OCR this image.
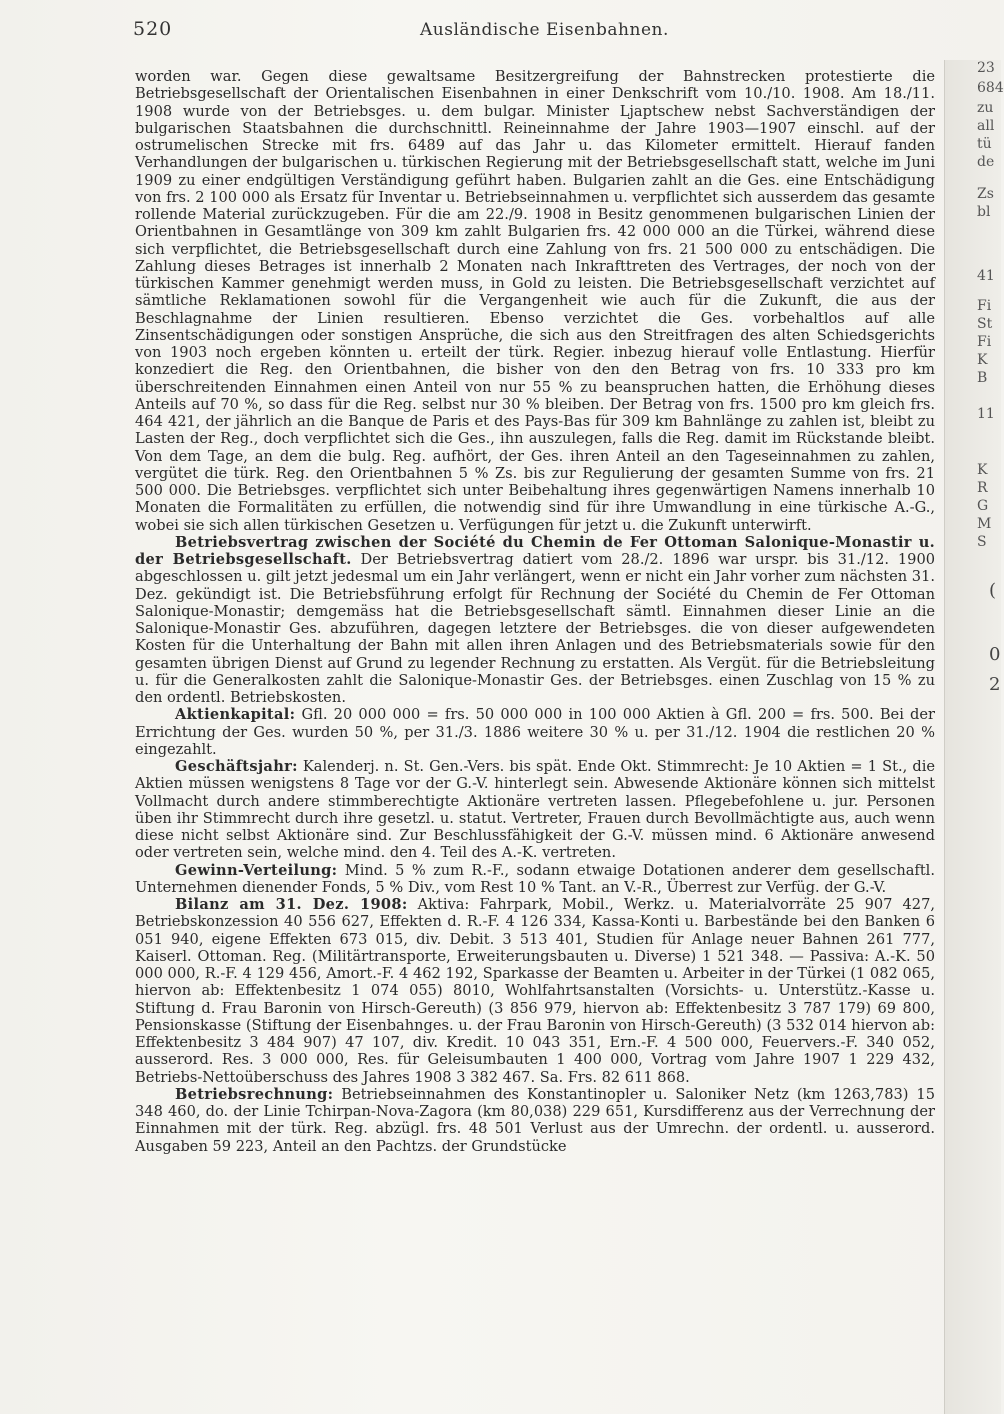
520	Ausländische Eisenbahnen.

worden war. Gegen diese gewaltsame Besitzergreifung der Bahnstrecken protestierte die Betriebsgesellschaft der Orientalischen Eisenbahnen in einer Denkschrift vom 10./10. 1908. Am 18./11. 1908 wurde von der Betriebsges. u. dem bulgar. Minister Ljaptschew nebst Sachverständigen der bulgarischen Staatsbahnen die durchschnittl. Reineinnahme der Jahre 1903—1907 einschl. auf der ostrumelischen Strecke mit frs. 6489 auf das Jahr u. das Kilometer ermittelt. Hierauf fanden Verhandlungen der bulgarischen u. türkischen Regierung mit der Betriebsgesellschaft statt, welche im Juni 1909 zu einer endgültigen Verständigung geführt haben. Bulgarien zahlt an die Ges. eine Entschädigung von frs. 2 100 000 als Ersatz für Inventar u. Betriebseinnahmen u. verpflichtet sich ausserdem das gesamte rollende Material zurückzugeben. Für die am 22./9. 1908 in Besitz genommenen bulgarischen Linien der Orientbahnen in Gesamtlänge von 309 km zahlt Bulgarien frs. 42 000 000 an die Türkei, während diese sich verpflichtet, die Betriebsgesellschaft durch eine Zahlung von frs. 21 500 000 zu entschädigen. Die Zahlung dieses Betrages ist innerhalb 2 Monaten nach Inkrafttreten des Vertrages, der noch von der türkischen Kammer genehmigt werden muss, in Gold zu leisten. Die Betriebsgesellschaft verzichtet auf sämtliche Reklamationen sowohl für die Vergangenheit wie auch für die Zukunft, die aus der Beschlagnahme der Linien resultieren. Ebenso verzichtet die Ges. vorbehaltlos auf alle Zinsentschädigungen oder sonstigen Ansprüche, die sich aus den Streitfragen des alten Schiedsgerichts von 1903 noch ergeben könnten u. erteilt der türk. Regier. inbezug hierauf volle Entlastung. Hierfür konzediert die Reg. den Orientbahnen, die bisher von den den Betrag von frs. 10 333 pro km überschreitenden Einnahmen einen Anteil von nur 55 % zu beanspruchen hatten, die Erhöhung dieses Anteils auf 70 %, so dass für die Reg. selbst nur 30 % bleiben. Der Betrag von frs. 1500 pro km gleich frs. 464 421, der jährlich an die Banque de Paris et des Pays-Bas für 309 km Bahnlänge zu zahlen ist, bleibt zu Lasten der Reg., doch verpflichtet sich die Ges., ihn auszulegen, falls die Reg. damit im Rückstande bleibt. Von dem Tage, an dem die bulg. Reg. aufhört, der Ges. ihren Anteil an den Tageseinnahmen zu zahlen, vergütet die türk. Reg. den Orientbahnen 5 % Zs. bis zur Regulierung der gesamten Summe von frs. 21 500 000. Die Betriebsges. verpflichtet sich unter Beibehaltung ihres gegenwärtigen Namens innerhalb 10 Monaten die Formalitäten zu erfüllen, die notwendig sind für ihre Umwandlung in eine türkische A.-G., wobei sie sich allen türkischen Gesetzen u. Verfügungen für jetzt u. die Zukunft unterwirft.

Betriebsvertrag zwischen der Société du Chemin de Fer Ottoman Salonique-Monastir u. der Betriebsgesellschaft. Der Betriebsvertrag datiert vom 28./2. 1896 war urspr. bis 31./12. 1900 abgeschlossen u. gilt jetzt jedesmal um ein Jahr verlängert, wenn er nicht ein Jahr vorher zum nächsten 31. Dez. gekündigt ist. Die Betriebsführung erfolgt für Rechnung der Société du Chemin de Fer Ottoman Salonique-Monastir; demgemäss hat die Betriebsgesellschaft sämtl. Einnahmen dieser Linie an die Salonique-Monastir Ges. abzuführen, dagegen letztere der Betriebsges. die von dieser aufgewendeten Kosten für die Unterhaltung der Bahn mit allen ihren Anlagen und des Betriebsmaterials sowie für den gesamten übrigen Dienst auf Grund zu legender Rechnung zu erstatten. Als Vergüt. für die Betriebsleitung u. für die Generalkosten zahlt die Salonique-Monastir Ges. der Betriebsges. einen Zuschlag von 15 % zu den ordentl. Betriebskosten.

Aktienkapital: Gfl. 20 000 000 = frs. 50 000 000 in 100 000 Aktien à Gfl. 200 = frs. 500. Bei der Errichtung der Ges. wurden 50 %, per 31./3. 1886 weitere 30 % u. per 31./12. 1904 die restlichen 20 % eingezahlt.

Geschäftsjahr: Kalenderj. n. St. Gen.-Vers. bis spät. Ende Okt. Stimmrecht: Je 10 Aktien = 1 St., die Aktien müssen wenigstens 8 Tage vor der G.-V. hinterlegt sein. Abwesende Aktionäre können sich mittelst Vollmacht durch andere stimmberechtigte Aktionäre vertreten lassen. Pflegebefohlene u. jur. Personen üben ihr Stimmrecht durch ihre gesetzl. u. statut. Vertreter, Frauen durch Bevollmächtigte aus, auch wenn diese nicht selbst Aktionäre sind. Zur Beschlussfähigkeit der G.-V. müssen mind. 6 Aktionäre anwesend oder vertreten sein, welche mind. den 4. Teil des A.-K. vertreten.

Gewinn-Verteilung: Mind. 5 % zum R.-F., sodann etwaige Dotationen anderer dem gesellschaftl. Unternehmen dienender Fonds, 5 % Div., vom Rest 10 % Tant. an V.-R., Überrest zur Verfüg. der G.-V.

Bilanz am 31. Dez. 1908: Aktiva: Fahrpark, Mobil., Werkz. u. Materialvorräte 25 907 427, Betriebskonzession 40 556 627, Effekten d. R.-F. 4 126 334, Kassa-Konti u. Barbestände bei den Banken 6 051 940, eigene Effekten 673 015, div. Debit. 3 513 401, Studien für Anlage neuer Bahnen 261 777, Kaiserl. Ottoman. Reg. (Militärtransporte, Erweiterungsbauten u. Diverse) 1 521 348. — Passiva: A.-K. 50 000 000, R.-F. 4 129 456, Amort.-F. 4 462 192, Sparkasse der Beamten u. Arbeiter in der Türkei (1 082 065, hiervon ab: Effektenbesitz 1 074 055) 8010, Wohlfahrtsanstalten (Vorsichts- u. Unterstütz.-Kasse u. Stiftung d. Frau Baronin von Hirsch-Gereuth) (3 856 979, hiervon ab: Effektenbesitz 3 787 179) 69 800, Pensionskasse (Stiftung der Eisenbahnges. u. der Frau Baronin von Hirsch-Gereuth) (3 532 014 hiervon ab: Effektenbesitz 3 484 907) 47 107, div. Kredit. 10 043 351, Ern.-F. 4 500 000, Feuervers.-F. 340 052, ausserord. Res. 3 000 000, Res. für Geleisumbauten 1 400 000, Vortrag vom Jahre 1907 1 229 432, Betriebs-Nettoüberschuss des Jahres 1908 3 382 467. Sa. Frs. 82 611 868.

Betriebsrechnung: Betriebseinnahmen des Konstantinopler u. Saloniker Netz (km 1263,783) 15 348 460, do. der Linie Tchirpan-Nova-Zagora (km 80,038) 229 651, Kursdifferenz aus der Verrechnung der Einnahmen mit der türk. Reg. abzügl. frs. 48 501 Verlust aus der Umrechn. der ordentl. u. ausserord. Ausgaben 59 223, Anteil an den Pachtzs. der Grundstücke

23
684
zu
all
tü
de
Zs
bl
41
Fi
St
Fi
K
B
11
K
R
G
M
S
(
0
2
